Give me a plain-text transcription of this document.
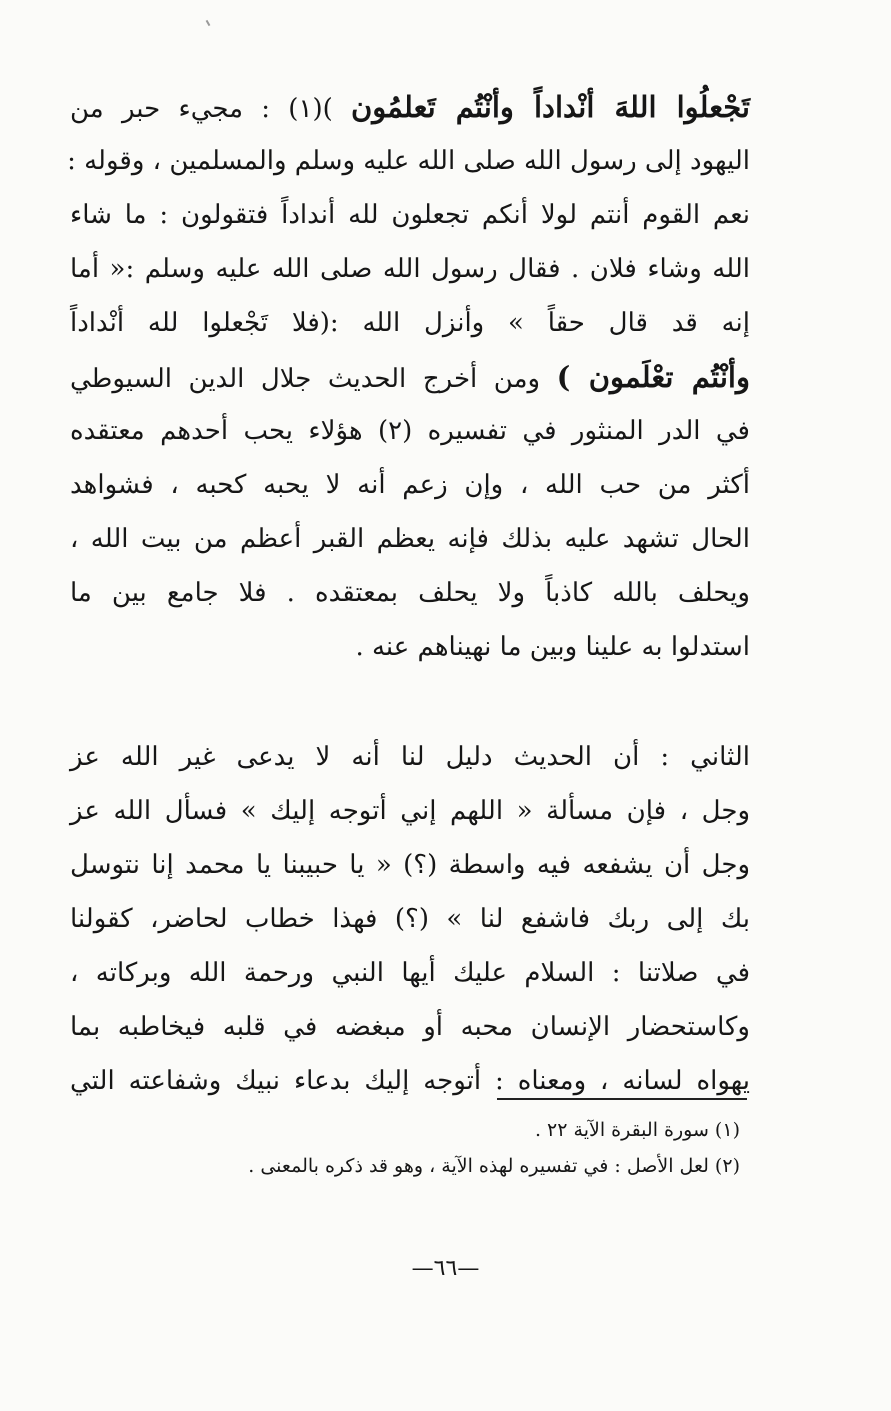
تَجْعلُوا اللهَ أنْداداً وأنْتُم تَعلمُون )(١) : مجيء حبر من
اليهود إلى رسول الله صلى الله عليه وسلم والمسلمين ، وقوله :
نعم القوم أنتم لولا أنكم تجعلون لله أنداداً فتقولون : ما شاء
الله وشاء فلان . فقال رسول الله صلى الله عليه وسلم :« أما
إنه قد قال حقاً » وأنزل الله :(فلا تَجْعلوا لله أنْداداً
وأنْتُم تعْلَمون ) ومن أخرج الحديث جلال الدين السيوطي
في الدر المنثور في تفسيره (٢) هؤلاء يحب أحدهم معتقده
أكثر من حب الله ، وإن زعم أنه لا يحبه كحبه ، فشواهد
الحال تشهد عليه بذلك فإنه يعظم القبر أعظم من بيت الله ،
ويحلف بالله كاذباً ولا يحلف بمعتقده . فلا جامع بين ما
استدلوا به علينا وبين ما نهيناهم عنه .
الثاني : أن الحديث دليل لنا أنه لا يدعى غير الله عز
وجل ، فإن مسألة « اللهم إني أتوجه إليك » فسأل الله عز
وجل أن يشفعه فيه واسطة (؟) « يا حبيبنا يا محمد إنا نتوسل
بك إلى ربك فاشفع لنا » (؟) فهذا خطاب لحاضر، كقولنا
في صلاتنا : السلام عليك أيها النبي ورحمة الله وبركاته ،
وكاستحضار الإنسان محبه أو مبغضه في قلبه فيخاطبه بما
يهواه لسانه ، ومعناه : أتوجه إليك بدعاء نبيك وشفاعته التي
(١) سورة البقرة الآية ٢٢ .
(٢) لعل الأصل : في تفسيره لهذه الآية ، وهو قد ذكره بالمعنى .
—٦٦—
